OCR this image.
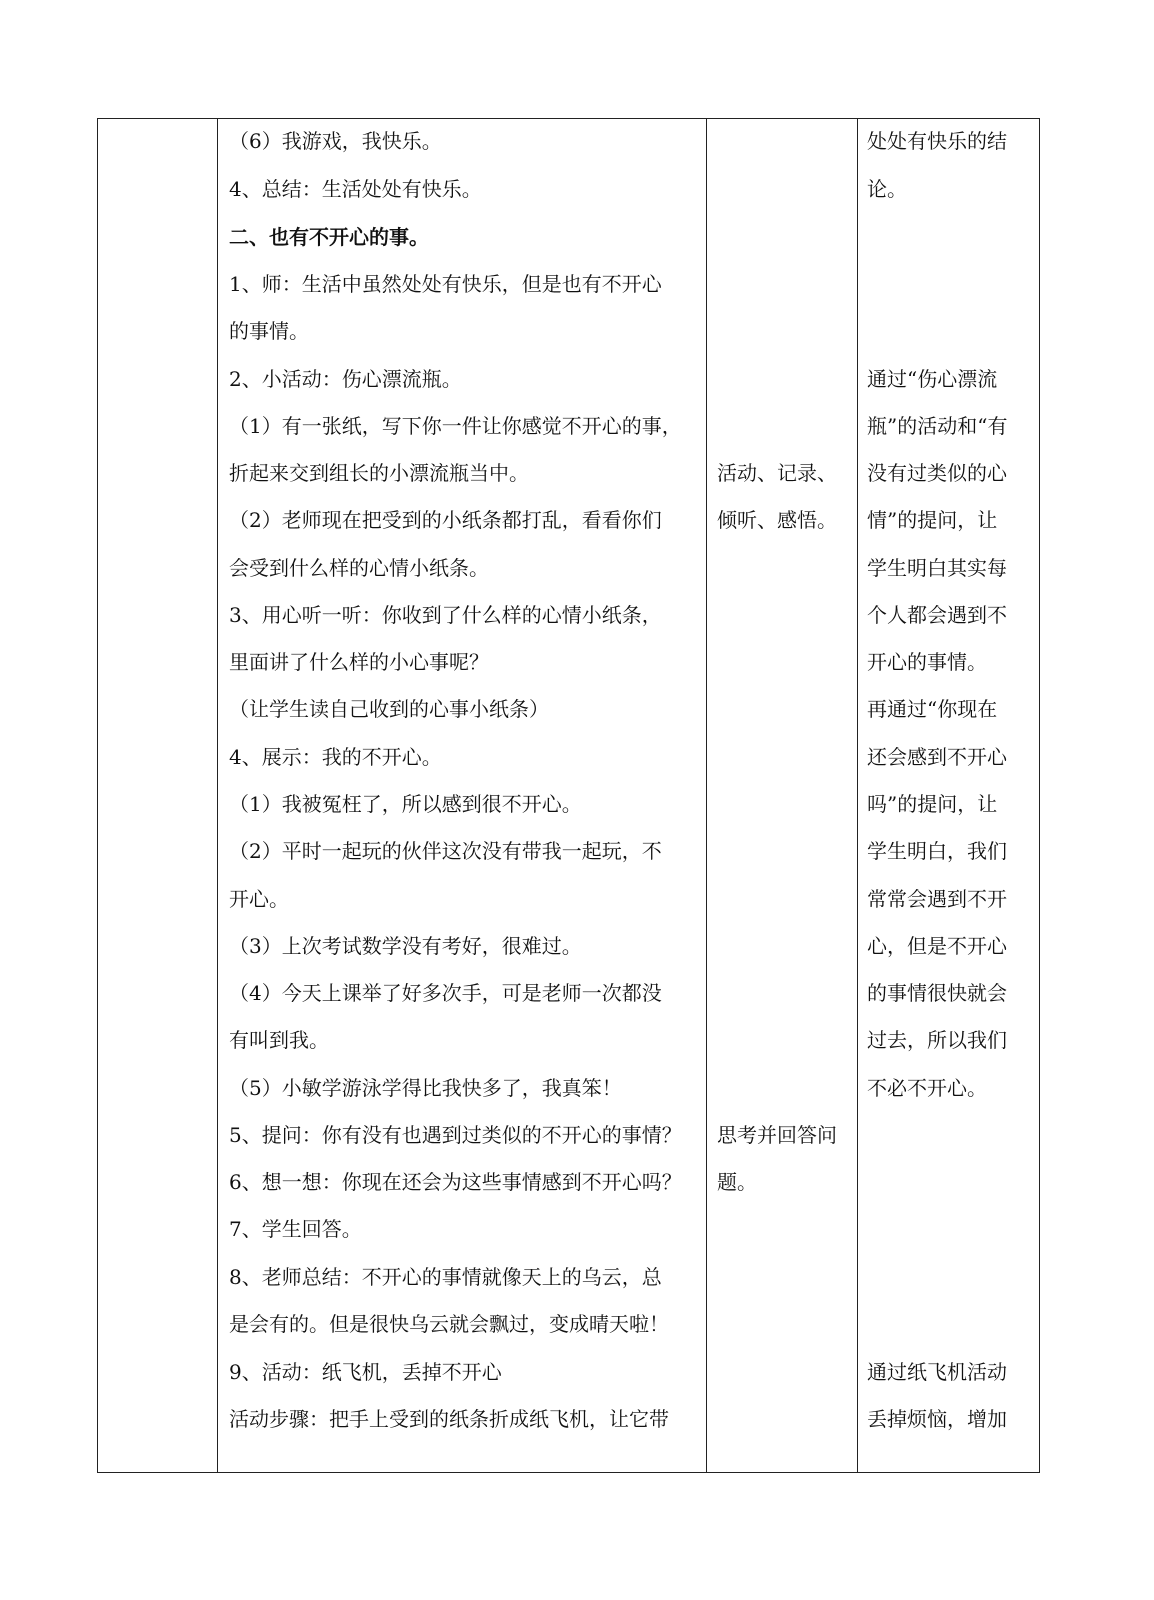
（6）我游戏，我快乐。
4、总结：生活处处有快乐。
二、也有不开心的事。
1、师：生活中虽然处处有快乐，但是也有不开心
的事情。
2、小活动：伤心漂流瓶。
（1）有一张纸，写下你一件让你感觉不开心的事，
折起来交到组长的小漂流瓶当中。
（2）老师现在把受到的小纸条都打乱，看看你们
会受到什么样的心情小纸条。
3、用心听一听：你收到了什么样的心情小纸条，
里面讲了什么样的小心事呢？
（让学生读自己收到的心事小纸条）
4、展示：我的不开心。
（1）我被冤枉了，所以感到很不开心。
（2）平时一起玩的伙伴这次没有带我一起玩，不
开心。
（3）上次考试数学没有考好，很难过。
（4）今天上课举了好多次手，可是老师一次都没
有叫到我。
（5）小敏学游泳学得比我快多了，我真笨！
5、提问：你有没有也遇到过类似的不开心的事情？
6、想一想：你现在还会为这些事情感到不开心吗？
7、学生回答。
8、老师总结：不开心的事情就像天上的乌云，总
是会有的。但是很快乌云就会飘过，变成晴天啦！
9、活动：纸飞机，丢掉不开心
活动步骤：把手上受到的纸条折成纸飞机，让它带
活动、记录、
倾听、感悟。
思考并回答问
题。
处处有快乐的结
论。
通过“伤心漂流
瓶”的活动和“有
没有过类似的心
情”的提问，让
学生明白其实每
个人都会遇到不
开心的事情。
再通过“你现在
还会感到不开心
吗”的提问，让
学生明白，我们
常常会遇到不开
心，但是不开心
的事情很快就会
过去，所以我们
不必不开心。
通过纸飞机活动
丢掉烦恼，增加
